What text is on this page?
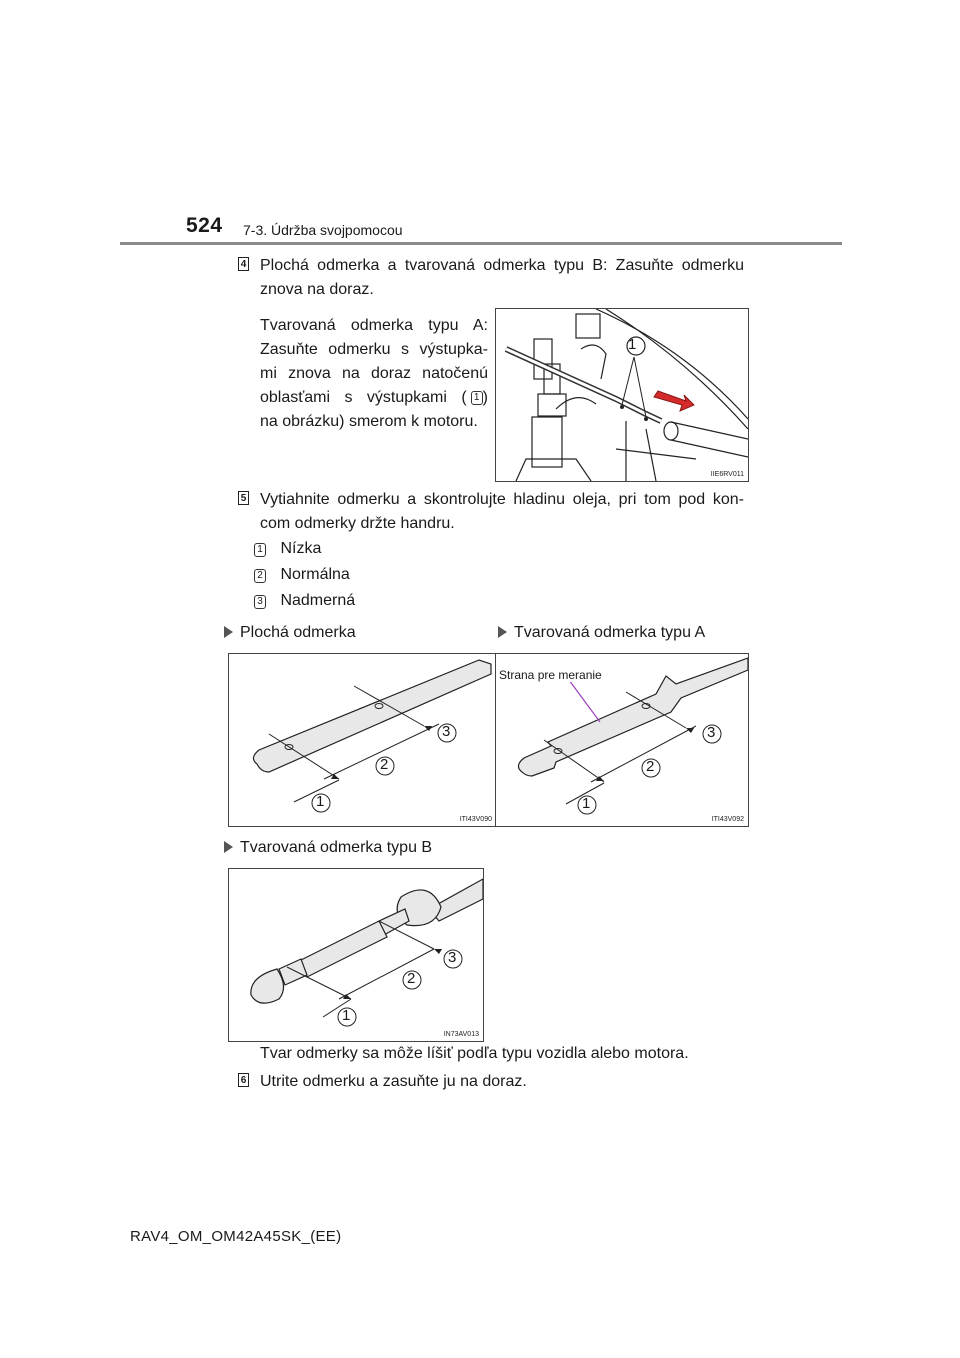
524 7-3. Údržba svojpomocou
4 Plochá odmerka a tvarovaná odmerka typu B: Zasuňte odmerku
znova na doraz.
Tvarovaná odmerka typu A:
Zasuňte odmerku s výstupka-
mi znova na doraz natočenú
oblasťami s výstupkami ( 1 )
na obrázku) smerom k motoru.
1
IIE6RV011
5 Vytiahnite odmerku a skontrolujte hladinu oleja, pri tom pod kon-
com odmerky držte handru.
1 Nízka
2 Normálna
3 Nadmerná
Plochá odmerka	Tvarovaná odmerka typu A
1
2
3
ITI43V090
Strana pre meranie
1
2
3
ITI43V092
Tvarovaná odmerka typu B
1
2
3
IN73AV013
Tvar odmerky sa môže líšiť podľa typu vozidla alebo motora.
6 Utrite odmerku a zasuňte ju na doraz.
RAV4_OM_OM42A45SK_(EE)
